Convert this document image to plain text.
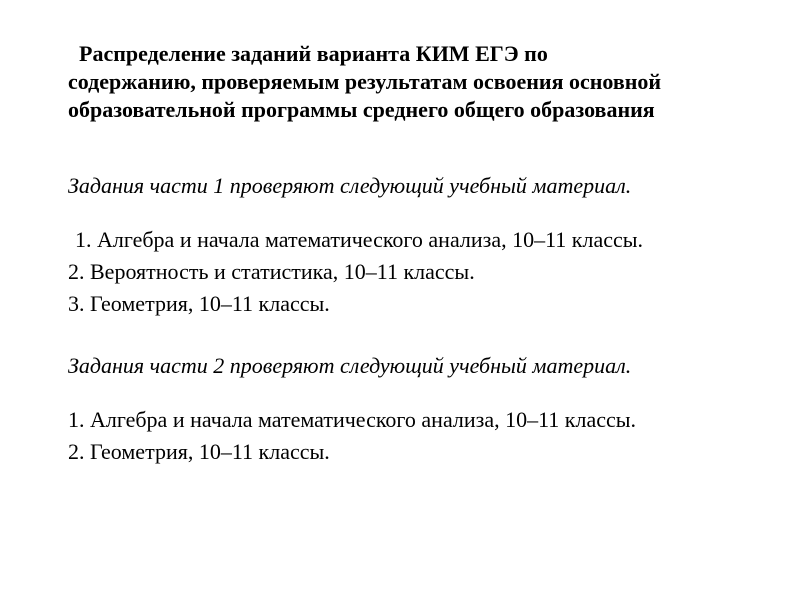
Распределение заданий варианта КИМ ЕГЭ по
содержанию, проверяемым результатам освоения основной
образовательной программы среднего общего образования

Задания части 1 проверяют следующий учебный материал.

1. Алгебра и начала математического анализа, 10–11 классы.
2. Вероятность и статистика, 10–11 классы.
3. Геометрия, 10–11 классы.

Задания части 2 проверяют следующий учебный материал.

1. Алгебра и начала математического анализа, 10–11 классы.
2. Геометрия, 10–11 классы.
